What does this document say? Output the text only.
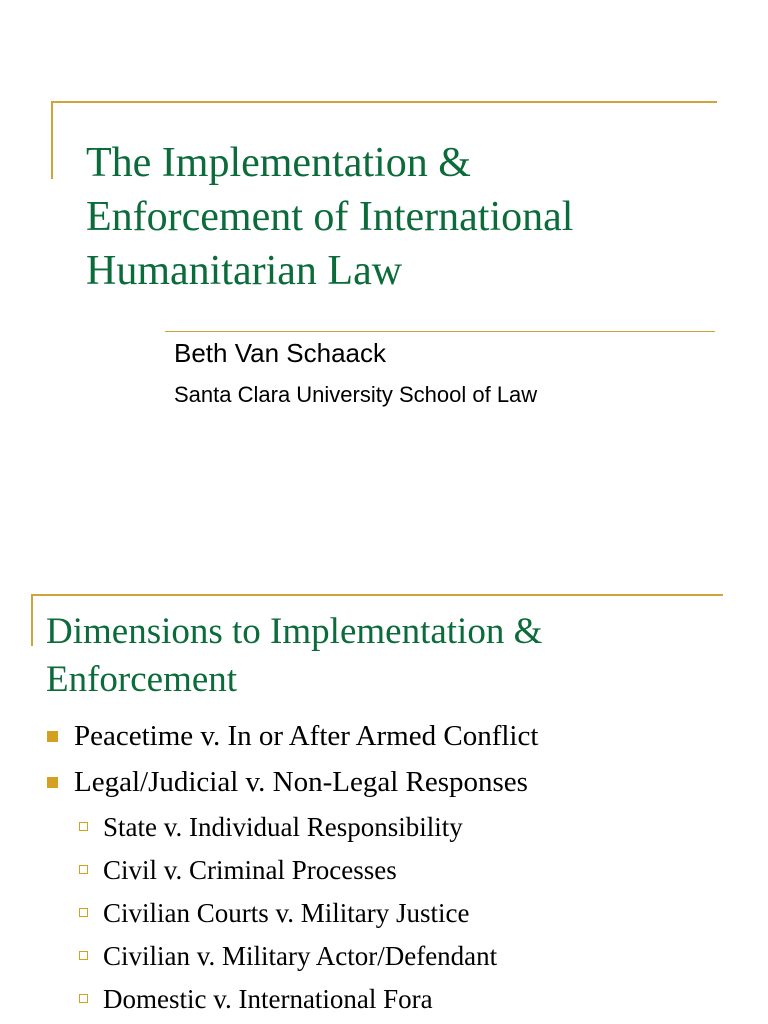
The Implementation &
Enforcement of International
Humanitarian Law

Beth Van Schaack

Santa Clara University School of Law

Dimensions to Implementation &
Enforcement
Peacetime v. In or After Armed Conflict
Legal/Judicial v. Non-Legal Responses
State v. Individual Responsibility
Civil v. Criminal Processes
Civilian Courts v. Military Justice
Civilian v. Military Actor/Defendant
Domestic v. International Fora
